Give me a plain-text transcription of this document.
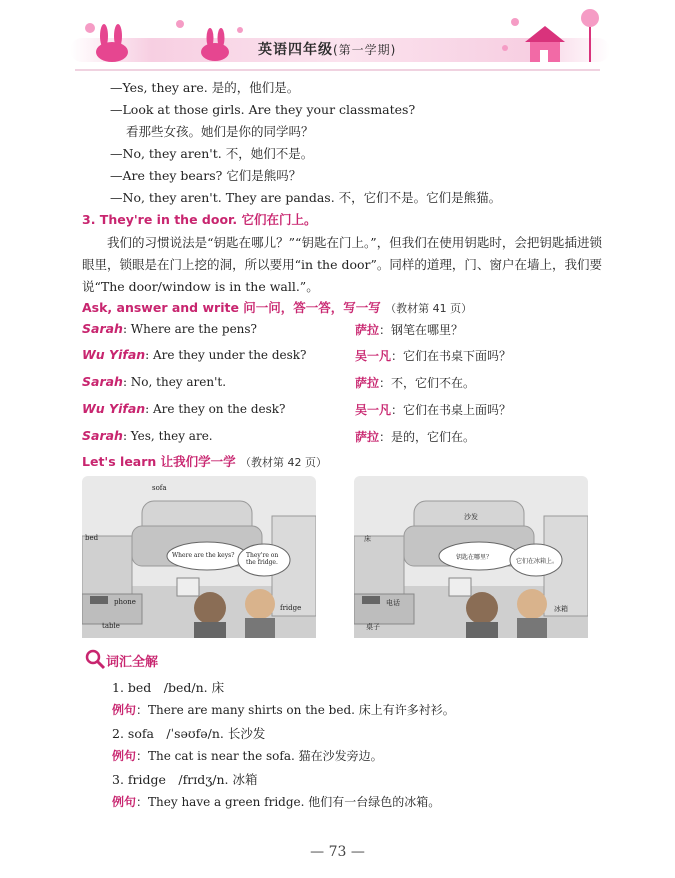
英语四年级(第一学期)
—Yes, they are. 是的，他们是。
—Look at those girls. Are they your classmates?
看那些女孩。她们是你的同学吗？
—No, they aren't. 不，她们不是。
—Are they bears? 它们是熊吗？
—No, they aren't. They are pandas. 不，它们不是。它们是熊猫。
3. They're in the door. 它们在门上。
我们的习惯说法是“钥匙在哪儿？”“钥匙在门上。”，但我们在使用钥匙时，会把钥匙插进锁眼里，锁眼是在门上挖的洞，所以要用“in the door”。同样的道理，门、窗户在墙上，我们要说“The door/window is in the wall.”。
Ask, answer and write 问一问，答一答，写一写 （教材第 41 页）
Sarah: Where are the pens?	萨拉：钢笔在哪里？
Wu Yifan: Are they under the desk?	吴一凡：它们在书桌下面吗？
Sarah: No, they aren't.	萨拉：不，它们不在。
Wu Yifan: Are they on the desk?	吴一凡：它们在书桌上面吗？
Sarah: Yes, they are.	萨拉：是的，它们在。
Let's learn 让我们学一学 （教材第 42 页）
sofa
bed
phone
table
fridge
Where are the keys? They're on the fridge.
沙发
床
电话
桌子
冰箱
钥匙在哪里？
它们在冰箱上。
词汇全解
1. bed　/bed/n. 床
例句：There are many shirts on the bed. 床上有许多衬衫。
2. sofa　/ˈsəʊfə/n. 长沙发
例句：The cat is near the sofa. 猫在沙发旁边。
3. fridge　/frɪdʒ/n. 冰箱
例句：They have a green fridge. 他们有一台绿色的冰箱。
— 73 —
